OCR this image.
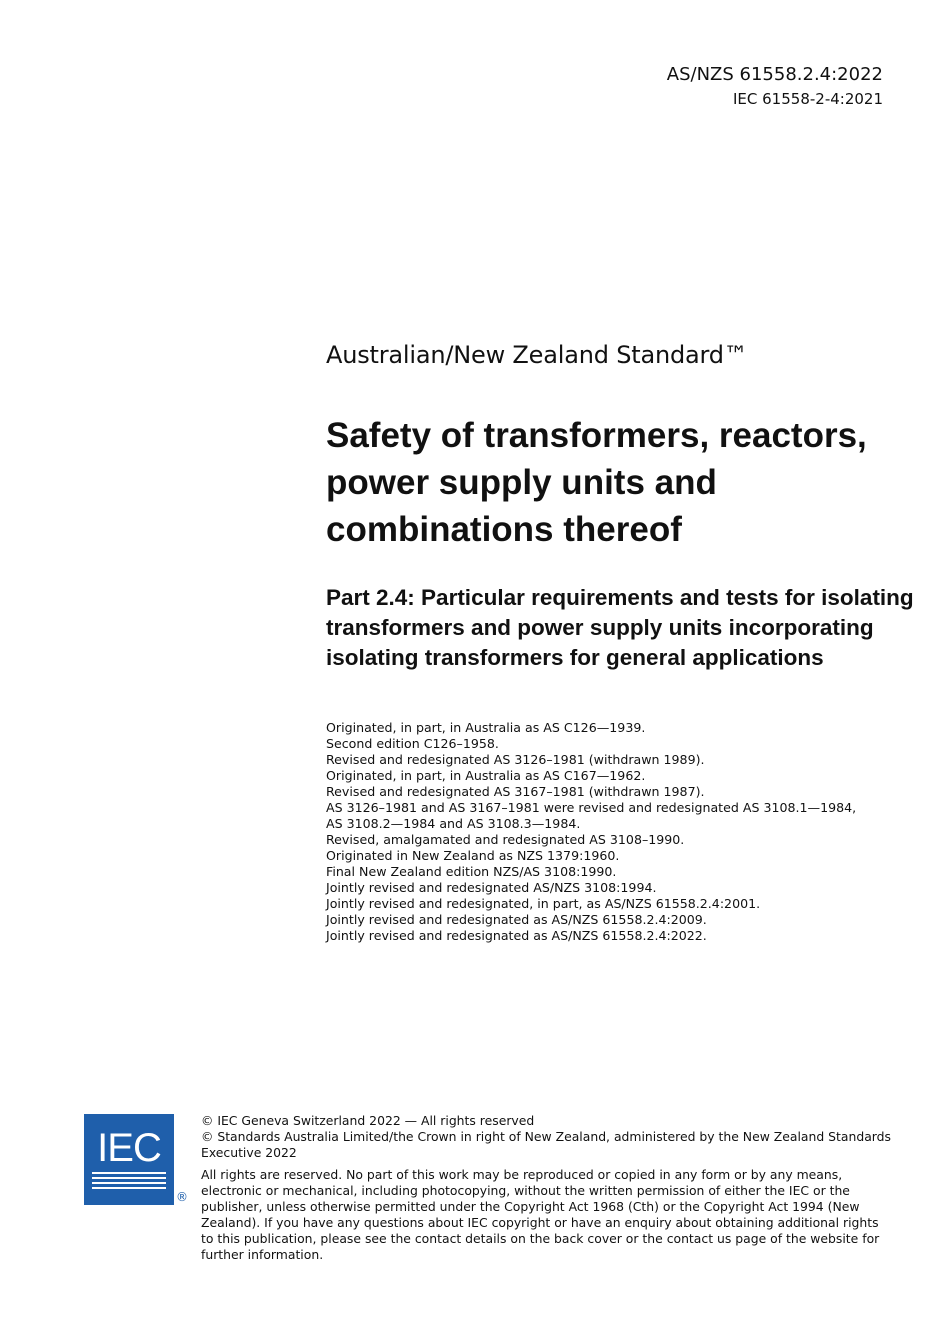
AS/NZS 61558.2.4:2022
IEC 61558-2-4:2021
Australian/New Zealand Standard™
Safety of transformers, reactors, power supply units and combinations thereof
Part 2.4: Particular requirements and tests for isolating transformers and power supply units incorporating isolating transformers for general applications
Originated, in part, in Australia as AS C126—1939.
Second edition C126–1958.
Revised and redesignated AS 3126–1981 (withdrawn 1989).
Originated, in part, in Australia as AS C167—1962.
Revised and redesignated AS 3167–1981 (withdrawn 1987).
AS 3126–1981 and AS 3167–1981 were revised and redesignated AS 3108.1—1984,
AS 3108.2—1984 and AS 3108.3—1984.
Revised, amalgamated and redesignated AS 3108–1990.
Originated in New Zealand as NZS 1379:1960.
Final New Zealand edition NZS/AS 3108:1990.
Jointly revised and redesignated AS/NZS 3108:1994.
Jointly revised and redesignated, in part, as AS/NZS 61558.2.4:2001.
Jointly revised and redesignated as AS/NZS 61558.2.4:2009.
Jointly revised and redesignated as AS/NZS 61558.2.4:2022.
IEC
®

© IEC Geneva Switzerland 2022 — All rights reserved

© Standards Australia Limited/the Crown in right of New Zealand, administered by the New Zealand Standards Executive 2022

All rights are reserved. No part of this work may be reproduced or copied in any form or by any means, electronic or mechanical, including photocopying, without the written permission of either the IEC or the publisher, unless otherwise permitted under the Copyright Act 1968 (Cth) or the Copyright Act 1994 (New Zealand). If you have any questions about IEC copyright or have an enquiry about obtaining additional rights to this publication, please see the contact details on the back cover or the contact us page of the website for further information.
